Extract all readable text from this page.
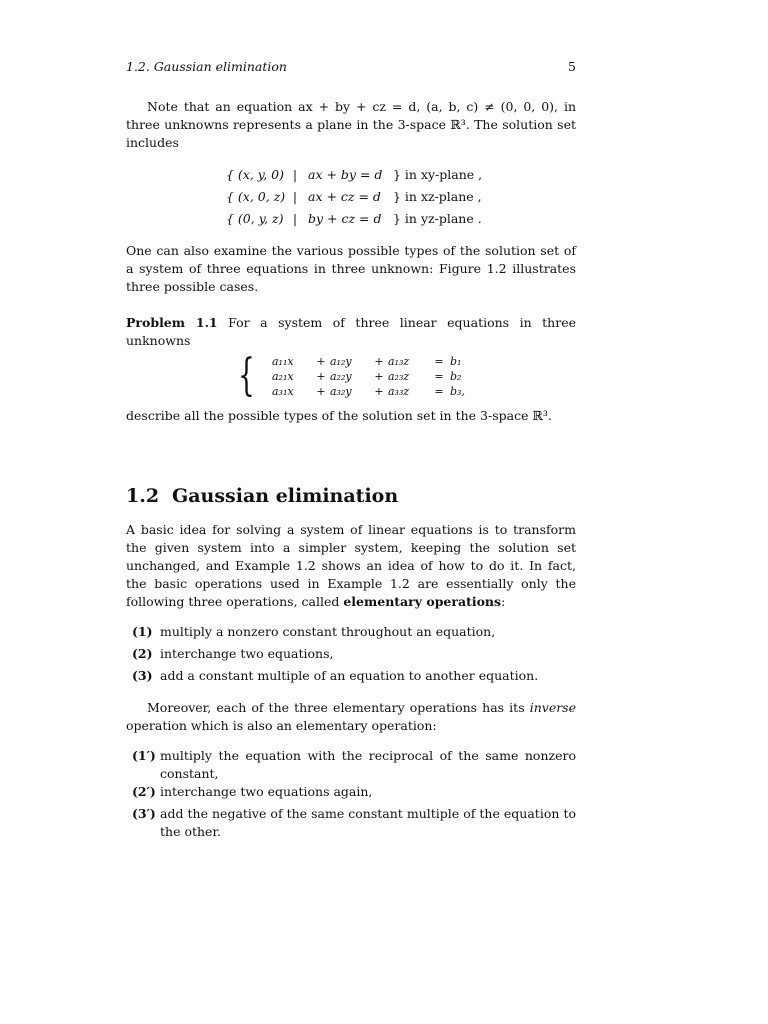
1.2. Gaussian elimination	5

Note that an equation ax + by + cz = d, (a, b, c) ≠ (0, 0, 0), in three unknowns represents a plane in the 3-space ℝ³. The solution set includes

{ (x, y, 0) | ax + by = d } in xy-plane ,
{ (x, 0, z) | ax + cz = d } in xz-plane ,
{ (0, y, z) | by + cz = d } in yz-plane .

One can also examine the various possible types of the solution set of a system of three equations in three unknown: Figure 1.2 illustrates three possible cases.

Problem 1.1 For a system of three linear equations in three unknowns

{ a₁₁x	+ a₁₂y	+ a₁₃z	= b₁
a₂₁x	+ a₂₂y	+ a₂₃z	= b₂
a₃₁x	+ a₃₂y	+ a₃₃z	= b₃,

describe all the possible types of the solution set in the 3-space ℝ³.

1.2 Gaussian elimination

A basic idea for solving a system of linear equations is to transform the given system into a simpler system, keeping the solution set unchanged, and Example 1.2 shows an idea of how to do it. In fact, the basic operations used in Example 1.2 are essentially only the following three operations, called elementary operations:

(1) multiply a nonzero constant throughout an equation,
(2) interchange two equations,
(3) add a constant multiple of an equation to another equation.

Moreover, each of the three elementary operations has its inverse operation which is also an elementary operation:

(1′) multiply the equation with the reciprocal of the same nonzero constant,
(2′) interchange two equations again,
(3′) add the negative of the same constant multiple of the equation to the other.
